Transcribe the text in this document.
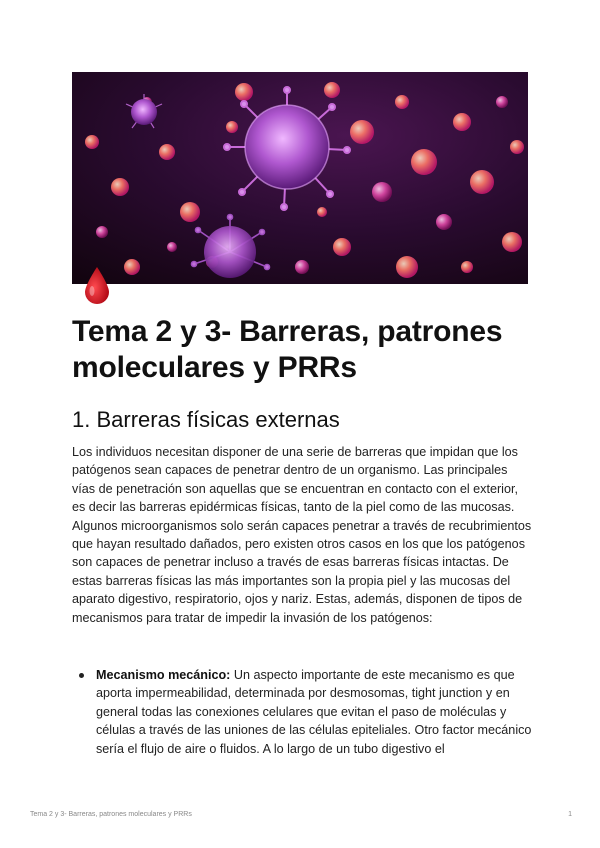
Tema 2 y 3- Barreras, patrones moleculares y PRRs
1. Barreras físicas externas

Los individuos necesitan disponer de una serie de barreras que impidan que los patógenos sean capaces de penetrar dentro de un organismo. Las principales vías de penetración son aquellas que se encuentran en contacto con el exterior, es decir las barreras epidérmicas físicas, tanto de la piel como de las mucosas.

Algunos microorganismos solo serán capaces penetrar a través de recubrimientos que hayan resultado dañados, pero existen otros casos en los que los patógenos son capaces de penetrar incluso a través de esas barreras físicas intactas. De estas barreras físicas las más importantes son la propia piel y las mucosas del aparato digestivo, respiratorio, ojos y nariz. Estas, además, disponen de tipos de mecanismos para tratar de impedir la invasión de los patógenos:

Mecanismo mecánico: Un aspecto importante de este mecanismo es que aporta impermeabilidad, determinada por desmosomas, tight junction y en general todas las conexiones celulares que evitan el paso de moléculas y células a través de las uniones de las células epiteliales. Otro factor mecánico sería el flujo de aire o fluidos. A lo largo de un tubo digestivo el
Tema 2 y 3- Barreras, patrones moleculares y PRRs	1
